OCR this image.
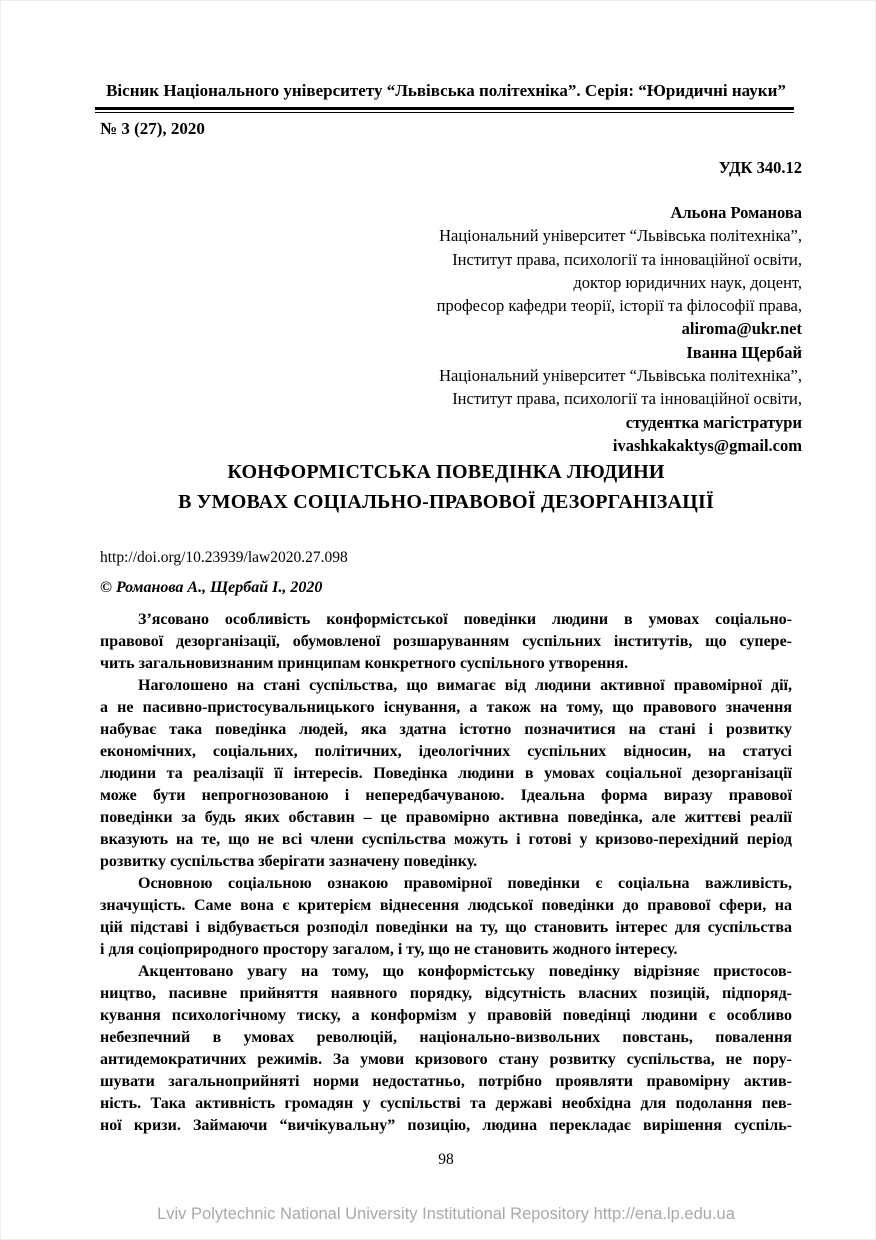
Вісник Національного університету “Львівська політехніка”. Серія: “Юридичні науки”
№ 3 (27), 2020
УДК 340.12
Альона Романова
Національний університет “Львівська політехніка”,
Інститут права, психології та інноваційної освіти,
доктор юридичних наук, доцент,
професор кафедри теорії, історії та філософії права,
aliroma@ukr.net
Іванна Щербай
Національний університет “Львівська політехніка”,
Інститут права, психології та інноваційної освіти,
студентка магістратури
ivashkakaktys@gmail.com
КОНФОРМІСТСЬКА ПОВЕДІНКА ЛЮДИНИ
В УМОВАХ СОЦІАЛЬНО-ПРАВОВОЇ ДЕЗОРГАНІЗАЦІЇ
http://doi.org/10.23939/law2020.27.098
© Романова А., Щербай І., 2020
З’ясовано особливість конформістської поведінки людини в умовах соціально-
правової дезорганізації, обумовленої розшаруванням суспільних інститутів, що супере-
чить загальновизнаним принципам конкретного суспільного утворення.
Наголошено на стані суспільства, що вимагає від людини активної правомірної дії,
а не пасивно-пристосувальницького існування, а також на тому, що правового значення
набуває така поведінка людей, яка здатна істотно позначитися на стані і розвитку
економічних, соціальних, політичних, ідеологічних суспільних відносин, на статусі
людини та реалізації її інтересів. Поведінка людини в умовах соціальної дезорганізації
може бути непрогнозованою і непередбачуваною. Ідеальна форма виразу правової
поведінки за будь яких обставин – це правомірно активна поведінка, але життєві реалії
вказують на те, що не всі члени суспільства можуть і готові у кризово-перехідний період
розвитку суспільства зберігати зазначену поведінку.
Основною соціальною ознакою правомірної поведінки є соціальна важливість,
значущість. Саме вона є критерієм віднесення людської поведінки до правової сфери, на
цій підставі і відбувається розподіл поведінки на ту, що становить інтерес для суспільства
і для соціоприродного простору загалом, і ту, що не становить жодного інтересу.
Акцентовано увагу на тому, що конформістську поведінку відрізняє пристосов-
ництво, пасивне прийняття наявного порядку, відсутність власних позицій, підпоряд-
кування психологічному тиску, а конформізм у правовій поведінці людини є особливо
небезпечний в умовах революцій, національно-визвольних повстань, повалення
антидемократичних режимів. За умови кризового стану розвитку суспільства, не пору-
шувати загальноприйняті норми недостатньо, потрібно проявляти правомірну актив-
ність. Така активність громадян у суспільстві та державі необхідна для подолання пев-
ної кризи. Займаючи “вичікувальну” позицію, людина перекладає вирішення суспіль-
98
Lviv Polytechnic National University Institutional Repository http://ena.lp.edu.ua
